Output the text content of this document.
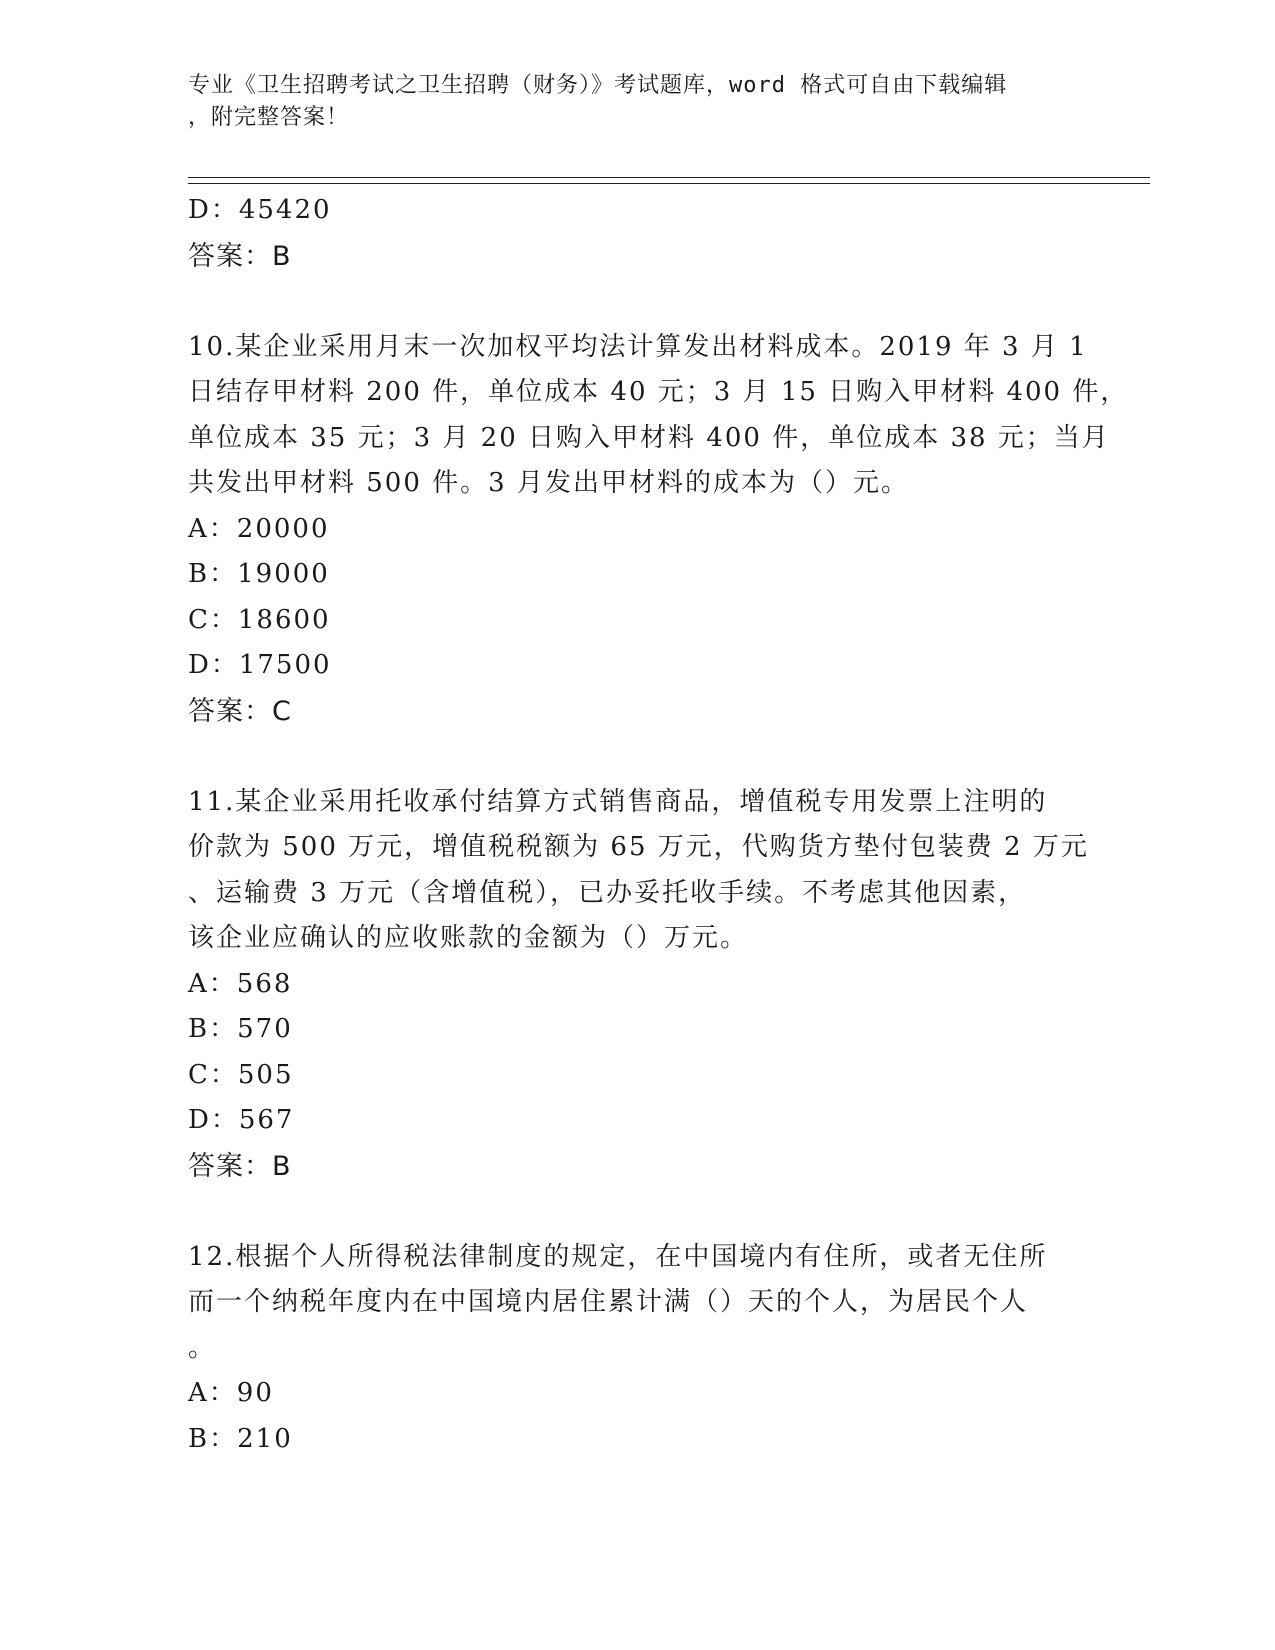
专业《卫生招聘考试之卫生招聘（财务）》考试题库，word 格式可自由下载编辑
，附完整答案！
D：45420
答案：B
10.某企业采用月末一次加权平均法计算发出材料成本。2019 年 3 月 1
日结存甲材料 200 件，单位成本 40 元；3 月 15 日购入甲材料 400 件，
单位成本 35 元；3 月 20 日购入甲材料 400 件，单位成本 38 元；当月
共发出甲材料 500 件。3 月发出甲材料的成本为（）元。
A：20000
B：19000
C：18600
D：17500
答案：C
11.某企业采用托收承付结算方式销售商品，增值税专用发票上注明的
价款为 500 万元，增值税税额为 65 万元，代购货方垫付包装费 2 万元
、运输费 3 万元（含增值税），已办妥托收手续。不考虑其他因素，
该企业应确认的应收账款的金额为（）万元。
A：568
B：570
C：505
D：567
答案：B
12.根据个人所得税法律制度的规定，在中国境内有住所，或者无住所
而一个纳税年度内在中国境内居住累计满（）天的个人，为居民个人
。
A：90
B：210
